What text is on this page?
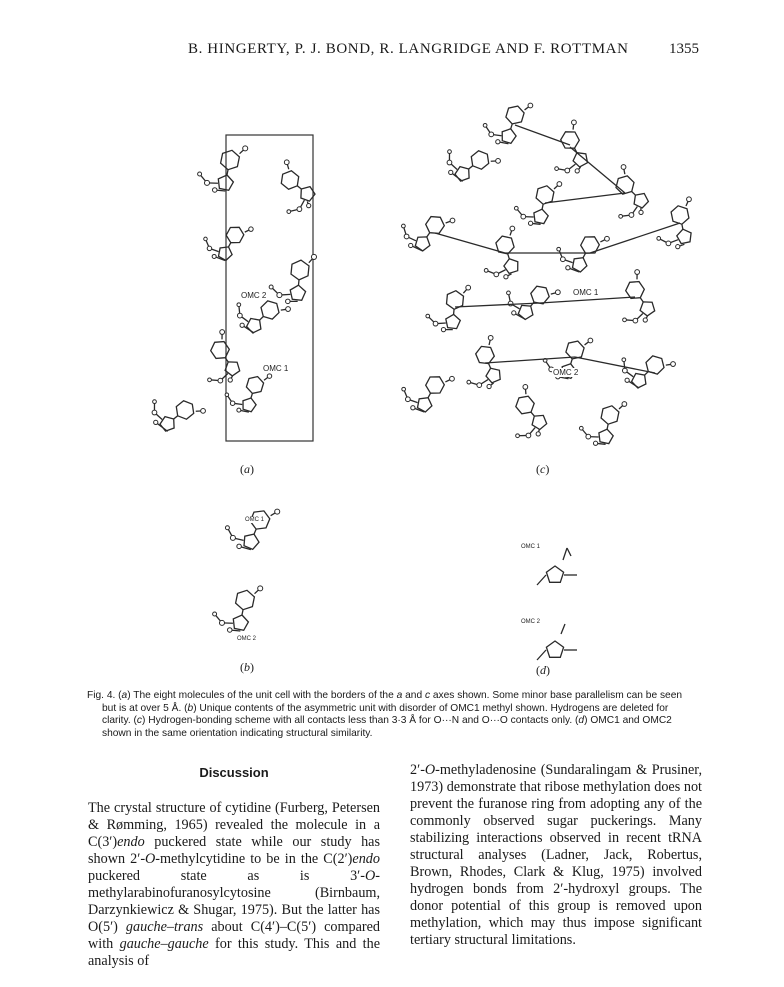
B. HINGERTY, P. J. BOND, R. LANGRIDGE AND F. ROTTMAN	1355
OMC 2
OMC 1
(a)
OMC 1
OMC 2
(c)
OMC 1
OMC 2
(b)
OMC 1
OMC 2
(d)
Fig. 4. (a) The eight molecules of the unit cell with the borders of the a and c axes shown. Some minor base parallelism can be seen
but is at over 5 Å. (b) Unique contents of the asymmetric unit with disorder of OMC1 methyl shown. Hydrogens are deleted for
clarity. (c) Hydrogen-bonding scheme with all contacts less than 3·3 Å for O···N and O···O contacts only. (d) OMC1 and OMC2
shown in the same orientation indicating structural similarity.
Discussion
The crystal structure of cytidine (Furberg, Petersen & Rømming, 1965) revealed the molecule in a C(3′)endo puckered state while our study has shown 2′-O-methylcytidine to be in the C(2′)endo puckered state as is 3′-O-methylarabinofuranosylcytosine (Birnbaum, Darzynkiewicz & Shugar, 1975). But the latter has O(5′) gauche–trans about C(4′)–C(5′) compared with gauche–gauche for this study. This and the analysis of
2′-O-methyladenosine (Sundaralingam & Prusiner, 1973) demonstrate that ribose methylation does not prevent the furanose ring from adopting any of the commonly observed sugar puckerings. Many stabilizing interactions observed in recent tRNA structural analyses (Ladner, Jack, Robertus, Brown, Rhodes, Clark & Klug, 1975) involved hydrogen bonds from 2′-hydroxyl groups. The donor potential of this group is removed upon methylation, which may thus impose significant tertiary structural limitations.
